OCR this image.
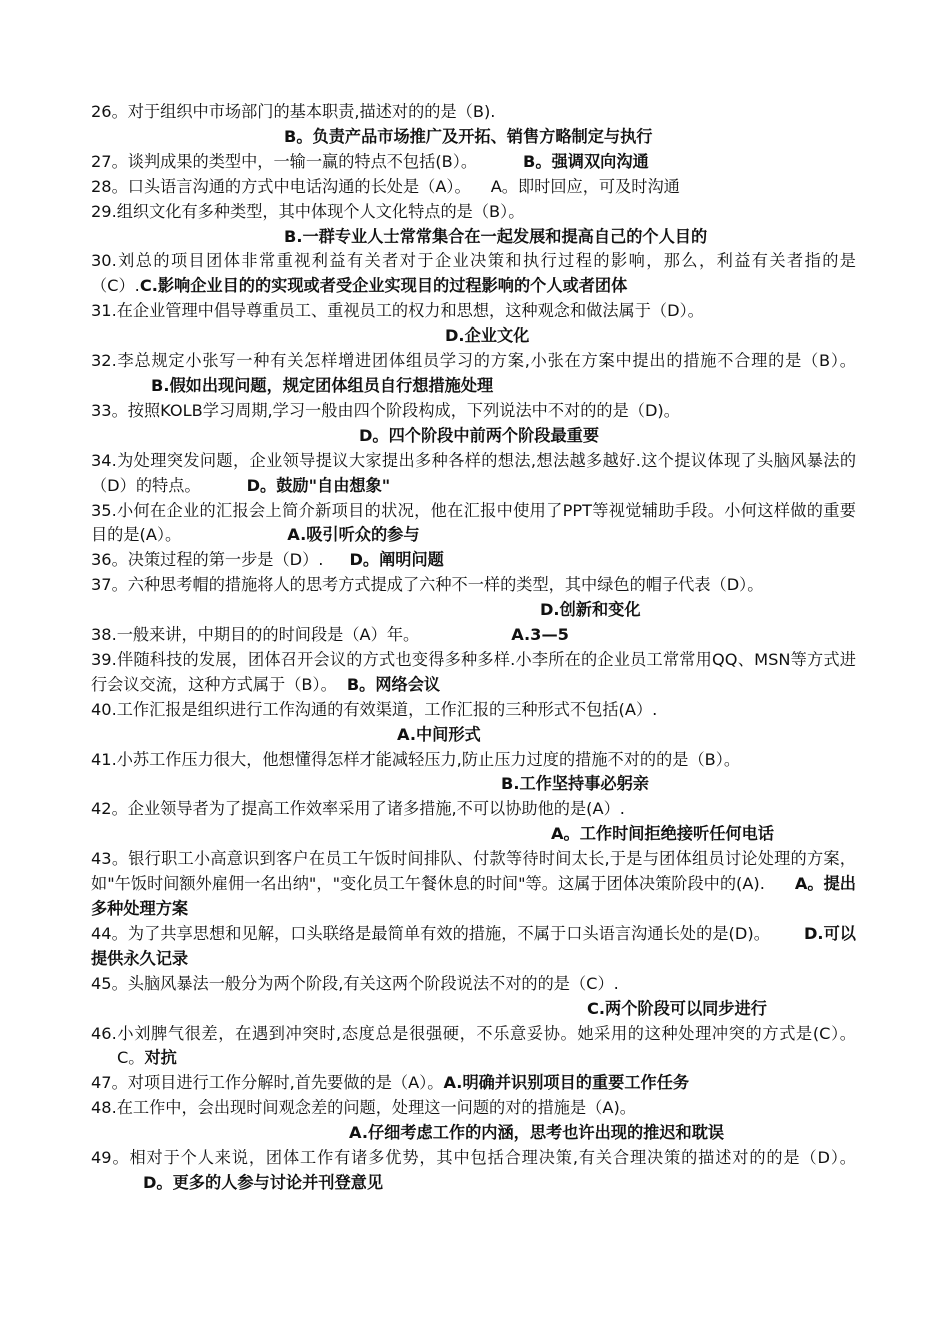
26。对于组织中市场部门的基本职责,描述对的的是（B).
B。负责产品市场推广及开拓、销售方略制定与执行
27。谈判成果的类型中，一输一赢的特点不包括(B）。	B。强调双向沟通
28。口头语言沟通的方式中电话沟通的长处是（A）。 A。即时回应，可及时沟通
29.组织文化有多种类型，其中体现个人文化特点的是（B）。
B.一群专业人士常常集合在一起发展和提高自己的个人目的
30.刘总的项目团体非常重视利益有关者对于企业决策和执行过程的影响，那么，利益有关者指的是（C）.C.影响企业目的的实现或者受企业实现目的过程影响的个人或者团体
31.在企业管理中倡导尊重员工、重视员工的权力和思想，这种观念和做法属于（D）。
D.企业文化
32.李总规定小张写一种有关怎样增进团体组员学习的方案,小张在方案中提出的措施不合理的是（B）。B.假如出现问题，规定团体组员自行想措施处理
33。按照KOLB学习周期,学习一般由四个阶段构成，下列说法中不对的的是（D)。
D。四个阶段中前两个阶段最重要
34.为处理突发问题，企业领导提议大家提出多种各样的想法,想法越多越好.这个提议体现了头脑风暴法的（D）的特点。	D。鼓励"自由想象"
35.小何在企业的汇报会上简介新项目的状况，他在汇报中使用了PPT等视觉辅助手段。小何这样做的重要目的是(A）。	A.吸引听众的参与
36。决策过程的第一步是（D）. D。阐明问题
37。六种思考帽的措施将人的思考方式提成了六种不一样的类型，其中绿色的帽子代表（D）。
D.创新和变化
38.一般来讲，中期目的的时间段是（A）年。	A.3—5
39.伴随科技的发展，团体召开会议的方式也变得多种多样.小李所在的企业员工常常用QQ、MSN等方式进行会议交流，这种方式属于（B）。 B。网络会议
40.工作汇报是组织进行工作沟通的有效渠道，工作汇报的三种形式不包括(A）.
A.中间形式
41.小苏工作压力很大，他想懂得怎样才能减轻压力,防止压力过度的措施不对的的是（B）。
B.工作坚持事必躬亲
42。企业领导者为了提高工作效率采用了诸多措施,不可以协助他的是(A）.
A。工作时间拒绝接听任何电话
43。银行职工小高意识到客户在员工午饭时间排队、付款等待时间太长,于是与团体组员讨论处理的方案，如"午饭时间额外雇佣一名出纳"，"变化员工午餐休息的时间"等。这属于团体决策阶段中的(A). A。提出多种处理方案
44。为了共享思想和见解，口头联络是最简单有效的措施，不属于口头语言沟通长处的是(D)。 D.可以提供永久记录
45。头脑风暴法一般分为两个阶段,有关这两个阶段说法不对的的是（C）.
C.两个阶段可以同步进行
46.小刘脾气很差，在遇到冲突时,态度总是很强硬，不乐意妥协。她采用的这种处理冲突的方式是(C）。C。对抗
47。对项目进行工作分解时,首先要做的是（A）。A.明确并识别项目的重要工作任务
48.在工作中，会出现时间观念差的问题，处理这一问题的对的措施是（A)。
A.仔细考虑工作的内涵，思考也许出现的推迟和耽误
49。相对于个人来说，团体工作有诸多优势，其中包括合理决策,有关合理决策的描述对的的是（D）。D。更多的人参与讨论并刊登意见
